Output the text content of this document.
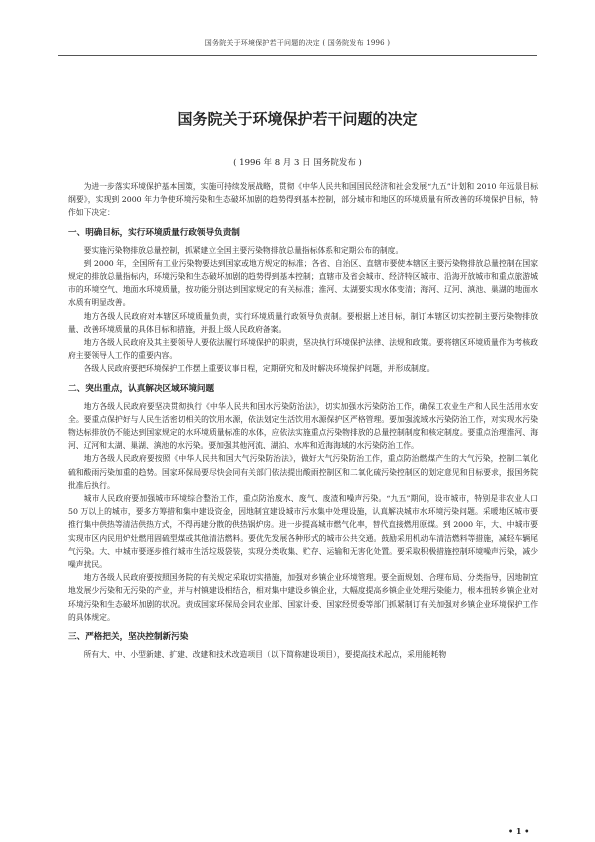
国务院关于环境保护若干问题的决定 ( 国务院发布 1996 )
国务院关于环境保护若干问题的决定
( 1996 年 8 月 3 日 国务院发布 )

为进一步落实环境保护基本国策，实施可持续发展战略，贯彻《中华人民共和国国民经济和社会发展“九五”计划和 2010 年远景目标纲要》，实现到 2000 年力争使环境污染和生态破坏加剧的趋势得到基本控制，部分城市和地区的环境质量有所改善的环境保护目标，特作如下决定：

一、明确目标，实行环境质量行政领导负责制

要实施污染物排放总量控制，抓紧建立全国主要污染物排放总量指标体系和定期公布的制度。

到 2000 年，全国所有工业污染物要达到国家或地方规定的标准；各省、自治区、直辖市要使本辖区主要污染物排放总量控制在国家规定的排放总量指标内，环境污染和生态破坏加剧的趋势得到基本控制；直辖市及省会城市、经济特区城市、沿海开放城市和重点旅游城市的环境空气、地面水环境质量，按功能分别达到国家规定的有关标准；淮河、太湖要实现水体变清；海河、辽河、滇池、巢湖的地面水水质有明显改善。

地方各级人民政府对本辖区环境质量负责，实行环境质量行政领导负责制。要根据上述目标，制订本辖区切实控制主要污染物排放量、改善环境质量的具体目标和措施，并报上级人民政府备案。

地方各级人民政府及其主要领导人要依法履行环境保护的职责，坚决执行环境保护法律、法规和政策。要将辖区环境质量作为考核政府主要领导人工作的重要内容。

各级人民政府要把环境保护工作摆上重要议事日程，定期研究和及时解决环境保护问题，并形成制度。

二、突出重点，认真解决区域环境问题

地方各级人民政府要坚决贯彻执行《中华人民共和国水污染防治法》，切实加强水污染防治工作，确保工农业生产和人民生活用水安全。要重点保护好与人民生活密切相关的饮用水源，依法划定生活饮用水源保护区严格管理。要加强流域水污染防治工作，对实现水污染物达标排放仍不能达到国家规定的水环境质量标准的水体，应依法实施重点污染物排放的总量控制制度和核定制度。要重点治理淮河、海河、辽河和太湖、巢湖、滇池的水污染。要加强其他河流、湖泊、水库和近海海域的水污染防治工作。

地方各级人民政府要按照《中华人民共和国大气污染防治法》，做好大气污染防治工作，重点防治燃煤产生的大气污染，控制二氧化硫和酸雨污染加重的趋势。国家环保局要尽快会同有关部门依法提出酸雨控制区和二氧化硫污染控制区的划定意见和目标要求，报国务院批准后执行。

城市人民政府要加强城市环境综合整治工作，重点防治废水、废气、废渣和噪声污染。“九五”期间，设市城市，特别是非农业人口 50 万以上的城市，要多方筹措和集中建设资金，因地制宜建设城市污水集中处理设施，认真解决城市水环境污染问题。采暖地区城市要推行集中供热等清洁供热方式，不得再建分散的供热锅炉房。进一步提高城市燃气化率，替代直接燃用原煤。到 2000 年，大、中城市要实现市区内民用炉灶燃用固硫型煤或其他清洁燃料。要优先发展各种形式的城市公共交通。鼓励采用机动车清洁燃料等措施，减轻车辆尾气污染。大、中城市要逐步推行城市生活垃圾袋装，实现分类收集、贮存、运输和无害化处置。要采取积极措施控制环境噪声污染，减少噪声扰民。

地方各级人民政府要按照国务院的有关规定采取切实措施，加强对乡镇企业环境管理。要全面规划、合理布局、分类指导，因地制宜地发展少污染和无污染的产业，并与村镇建设相结合，相对集中建设乡镇企业，大幅度提高乡镇企业处理污染能力，根本扭转乡镇企业对环境污染和生态破坏加剧的状况。责成国家环保局会同农业部、国家计委、国家经贸委等部门抓紧制订有关加强对乡镇企业环境保护工作的具体规定。

三、严格把关，坚决控制新污染

所有大、中、小型新建、扩建、改建和技术改造项目（以下简称建设项目），要提高技术起点，采用能耗物

• 1 •
